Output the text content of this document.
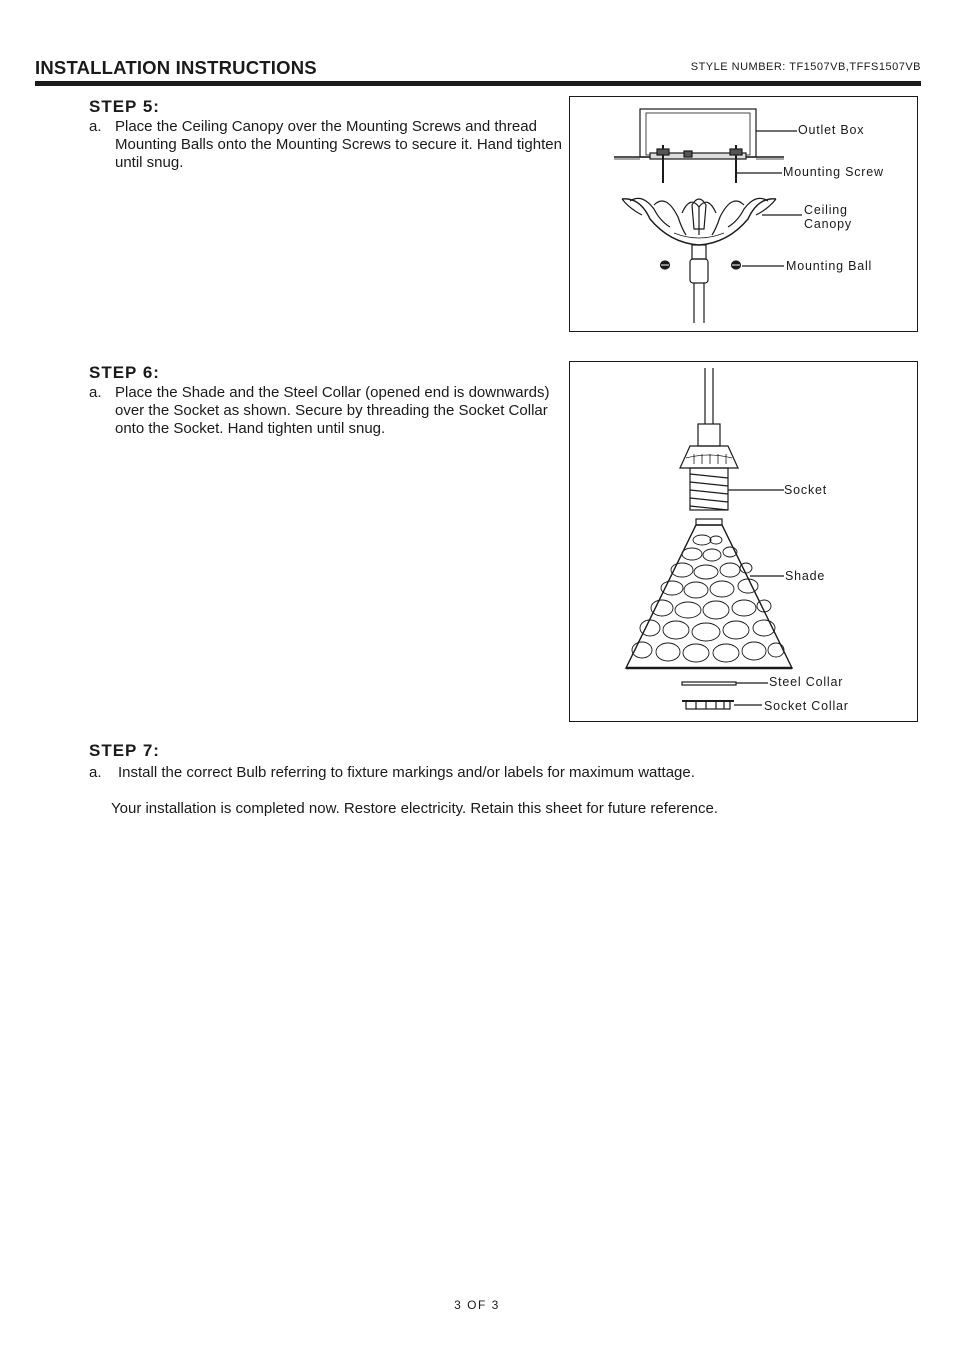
INSTALLATION INSTRUCTIONS	STYLE NUMBER: TF1507VB,TFFS1507VB
STEP 5:
a. Place the Ceiling Canopy over the Mounting Screws and thread Mounting Balls onto the Mounting Screws to secure it. Hand tighten until snug.
Outlet Box
Mounting Screw
Ceiling Canopy
Mounting Ball
STEP 6:
a. Place the Shade and the Steel Collar (opened end is downwards) over the Socket as shown. Secure by threading the Socket Collar onto the Socket. Hand tighten until snug.
Socket
Shade
Steel Collar
Socket Collar
STEP 7:
a.	Install the correct Bulb referring to fixture markings and/or labels for maximum wattage.
Your installation is completed now. Restore electricity. Retain this sheet for future reference.
3 OF 3
